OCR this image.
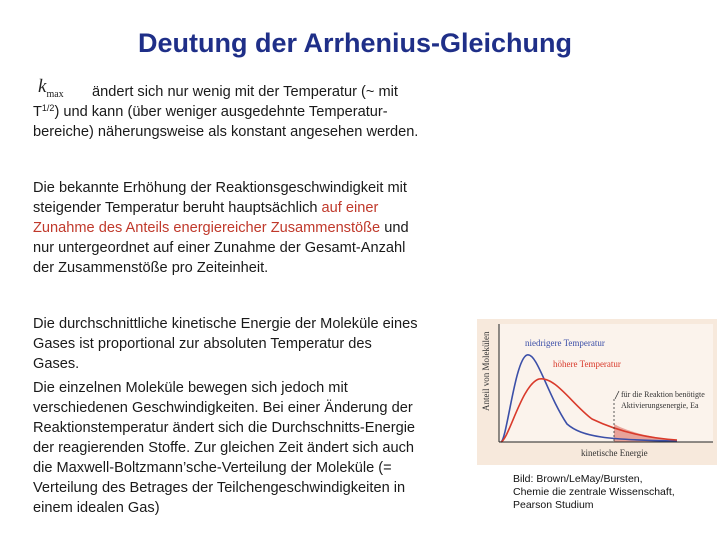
Deutung der Arrhenius-Gleichung
$k_{max}$	ändert sich nur wenig mit der Temperatur (~ mit
$T^{1/2}$) und kann (über weniger ausgedehnte Temperatur-
bereiche) näherungsweise als konstant angesehen werden.
Die bekannte Erhöhung der Reaktionsgeschwindigkeit mit
steigender Temperatur beruht hauptsächlich auf einer
Zunahme des Anteils energiereicher Zusammenstöße und
nur untergeordnet auf einer Zunahme der Gesamt-Anzahl
der Zusammenstöße pro Zeiteinheit.
Die durchschnittliche kinetische Energie der Moleküle eines
Gases ist proportional zur absoluten Temperatur des
Gases.
Die einzelnen Moleküle bewegen sich jedoch mit
verschiedenen Geschwindigkeiten. Bei einer Änderung der
Reaktionstemperatur ändert sich die Durchschnitts-Energie
der reagierenden Stoffe. Zur gleichen Zeit ändert sich auch
die Maxwell-Boltzmann’sche-Verteilung der Moleküle (=
Verteilung des Betrages der Teilchengeschwindigkeiten in
einem idealen Gas)
Anteil von Molekülen
kinetische Energie
niedrigere Temperatur
höhere Temperatur
für die Reaktion benötigte
Aktivierungsenergie, Ea
Bild: Brown/LeMay/Bursten,
Chemie die zentrale Wissenschaft,
Pearson Studium
